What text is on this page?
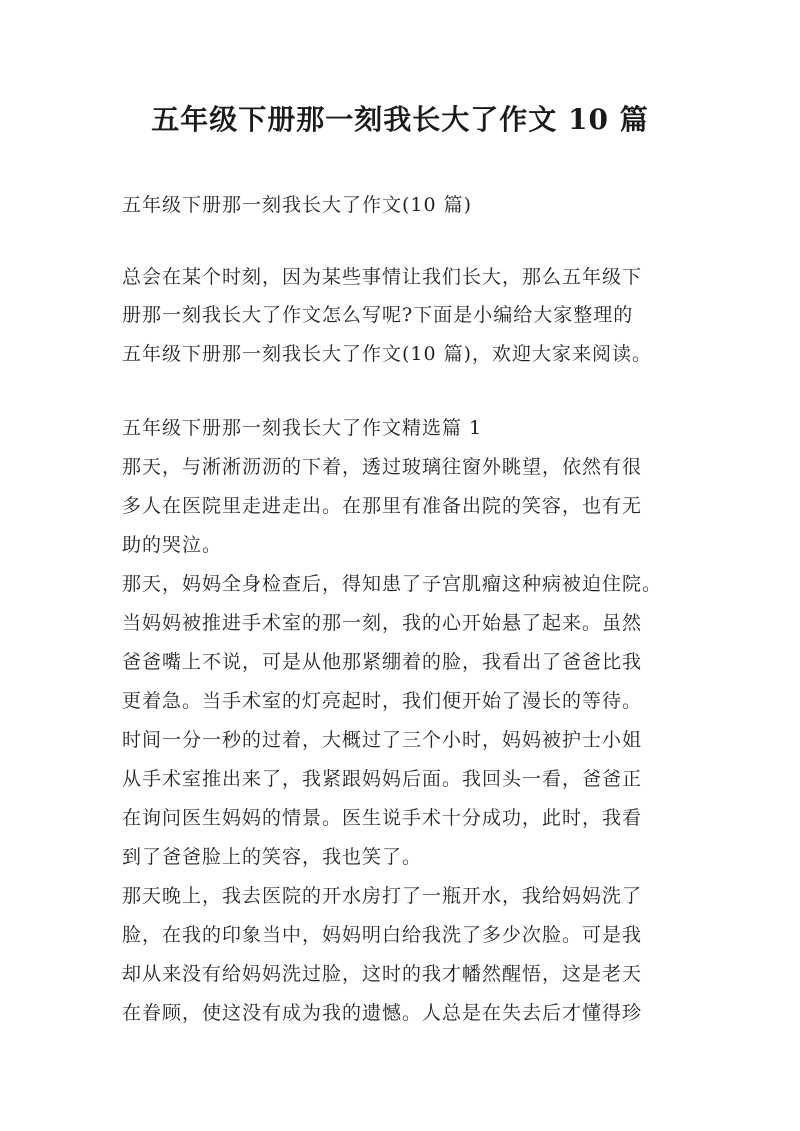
五年级下册那一刻我长大了作文 10 篇
五年级下册那一刻我长大了作文(10 篇)
总会在某个时刻，因为某些事情让我们长大，那么五年级下
册那一刻我长大了作文怎么写呢?下面是小编给大家整理的
五年级下册那一刻我长大了作文(10 篇)，欢迎大家来阅读。
五年级下册那一刻我长大了作文精选篇 1
那天，与淅淅沥沥的下着，透过玻璃往窗外眺望，依然有很
多人在医院里走进走出。在那里有准备出院的笑容，也有无
助的哭泣。
那天，妈妈全身检查后，得知患了子宫肌瘤这种病被迫住院。
当妈妈被推进手术室的那一刻，我的心开始悬了起来。虽然
爸爸嘴上不说，可是从他那紧绷着的脸，我看出了爸爸比我
更着急。当手术室的灯亮起时，我们便开始了漫长的等待。
时间一分一秒的过着，大概过了三个小时，妈妈被护士小姐
从手术室推出来了，我紧跟妈妈后面。我回头一看，爸爸正
在询问医生妈妈的情景。医生说手术十分成功，此时，我看
到了爸爸脸上的笑容，我也笑了。
那天晚上，我去医院的开水房打了一瓶开水，我给妈妈洗了
脸，在我的印象当中，妈妈明白给我洗了多少次脸。可是我
却从来没有给妈妈洗过脸，这时的我才幡然醒悟，这是老天
在眷顾，使这没有成为我的遗憾。人总是在失去后才懂得珍
